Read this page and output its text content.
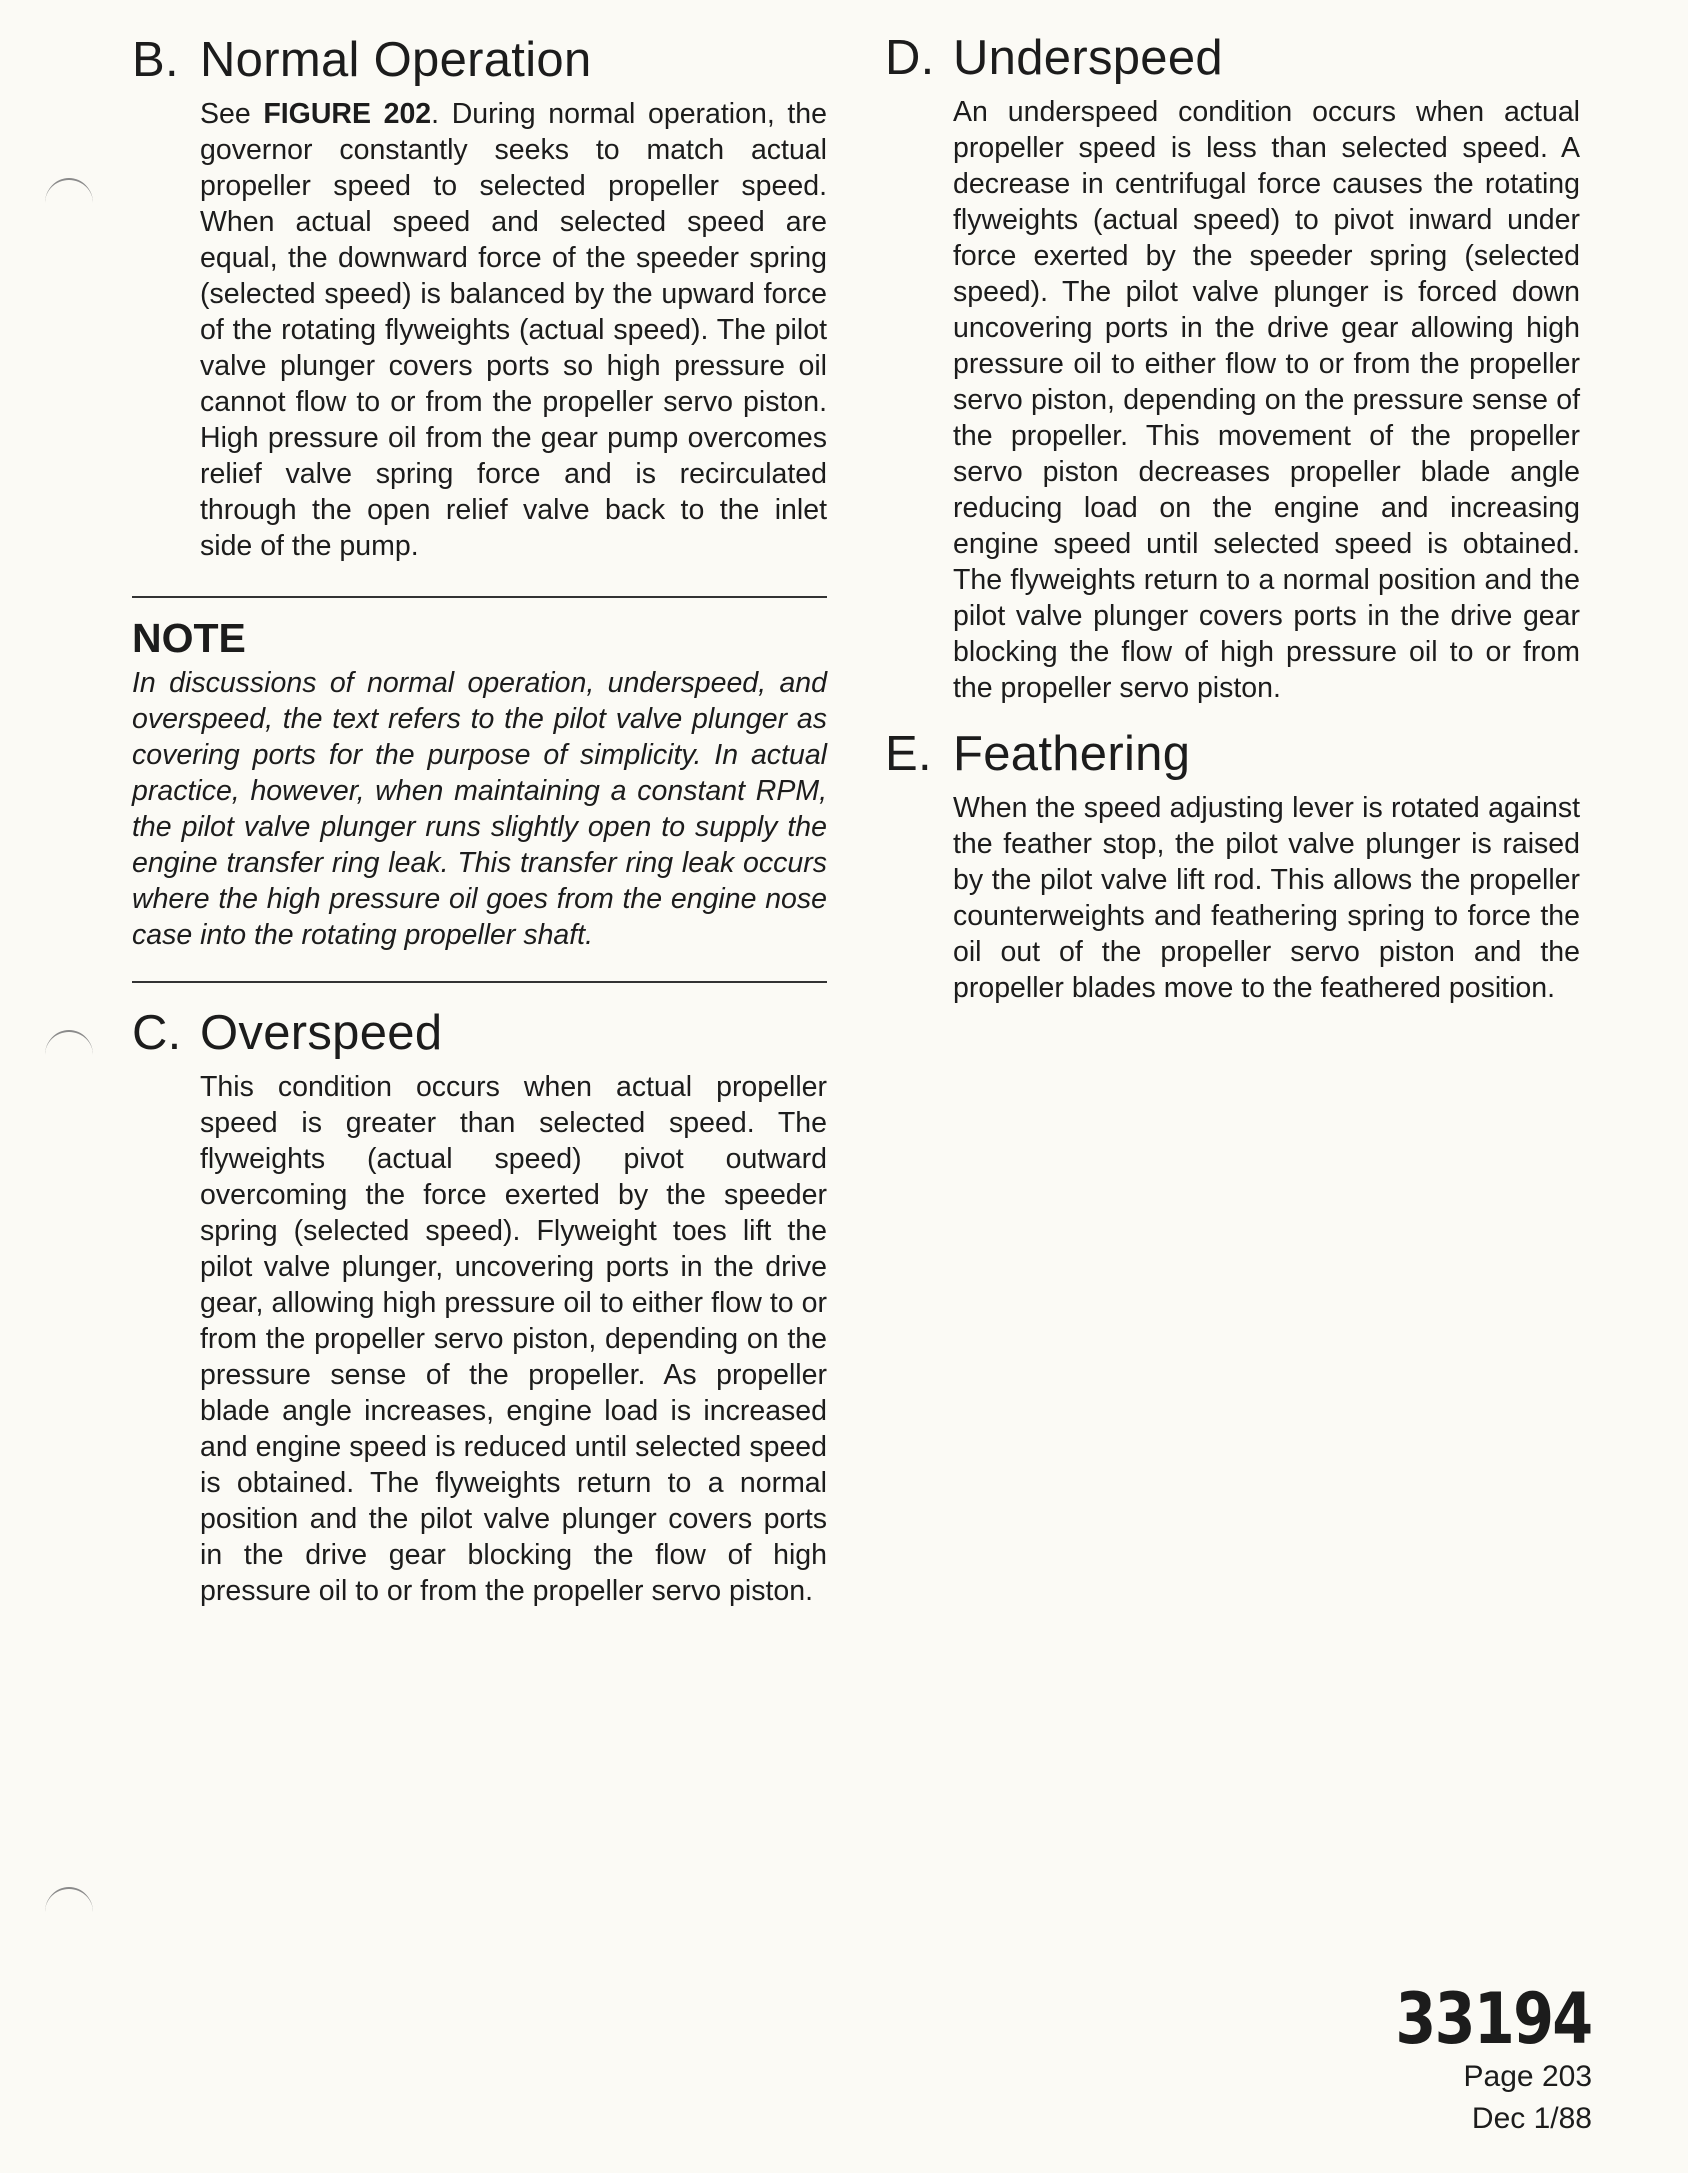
B. Normal Operation

See FIGURE 202. During normal operation, the governor constantly seeks to match actual propeller speed to selected propeller speed. When actual speed and selected speed are equal, the downward force of the speeder spring (selected speed) is balanced by the upward force of the rotating flyweights (actual speed). The pilot valve plunger covers ports so high pressure oil cannot flow to or from the propeller servo piston. High pressure oil from the gear pump overcomes relief valve spring force and is recirculated through the open relief valve back to the inlet side of the pump.

NOTE

In discussions of normal operation, underspeed, and overspeed, the text refers to the pilot valve plunger as covering ports for the purpose of simplicity. In actual practice, however, when maintaining a constant RPM, the pilot valve plunger runs slightly open to supply the engine transfer ring leak. This transfer ring leak occurs where the high pressure oil goes from the engine nose case into the rotating propeller shaft.

C. Overspeed

This condition occurs when actual propeller speed is greater than selected speed. The flyweights (actual speed) pivot outward overcoming the force exerted by the speeder spring (selected speed). Flyweight toes lift the pilot valve plunger, uncovering ports in the drive gear, allowing high pressure oil to either flow to or from the propeller servo piston, depending on the pressure sense of the propeller. As propeller blade angle increases, engine load is increased and engine speed is reduced until selected speed is obtained. The flyweights return to a normal position and the pilot valve plunger covers ports in the drive gear blocking the flow of high pressure oil to or from the propeller servo piston.

D. Underspeed

An underspeed condition occurs when actual propeller speed is less than selected speed. A decrease in centrifugal force causes the rotating flyweights (actual speed) to pivot inward under force exerted by the speeder spring (selected speed). The pilot valve plunger is forced down uncovering ports in the drive gear allowing high pressure oil to either flow to or from the propeller servo piston, depending on the pressure sense of the propeller. This movement of the propeller servo piston decreases propeller blade angle reducing load on the engine and increasing engine speed until selected speed is obtained. The flyweights return to a normal position and the pilot valve plunger covers ports in the drive gear blocking the flow of high pressure oil to or from the propeller servo piston.

E. Feathering

When the speed adjusting lever is rotated against the feather stop, the pilot valve plunger is raised by the pilot valve lift rod. This allows the propeller counterweights and feathering spring to force the oil out of the propeller servo piston and the propeller blades move to the feathered position.

33194
Page 203
Dec 1/88
